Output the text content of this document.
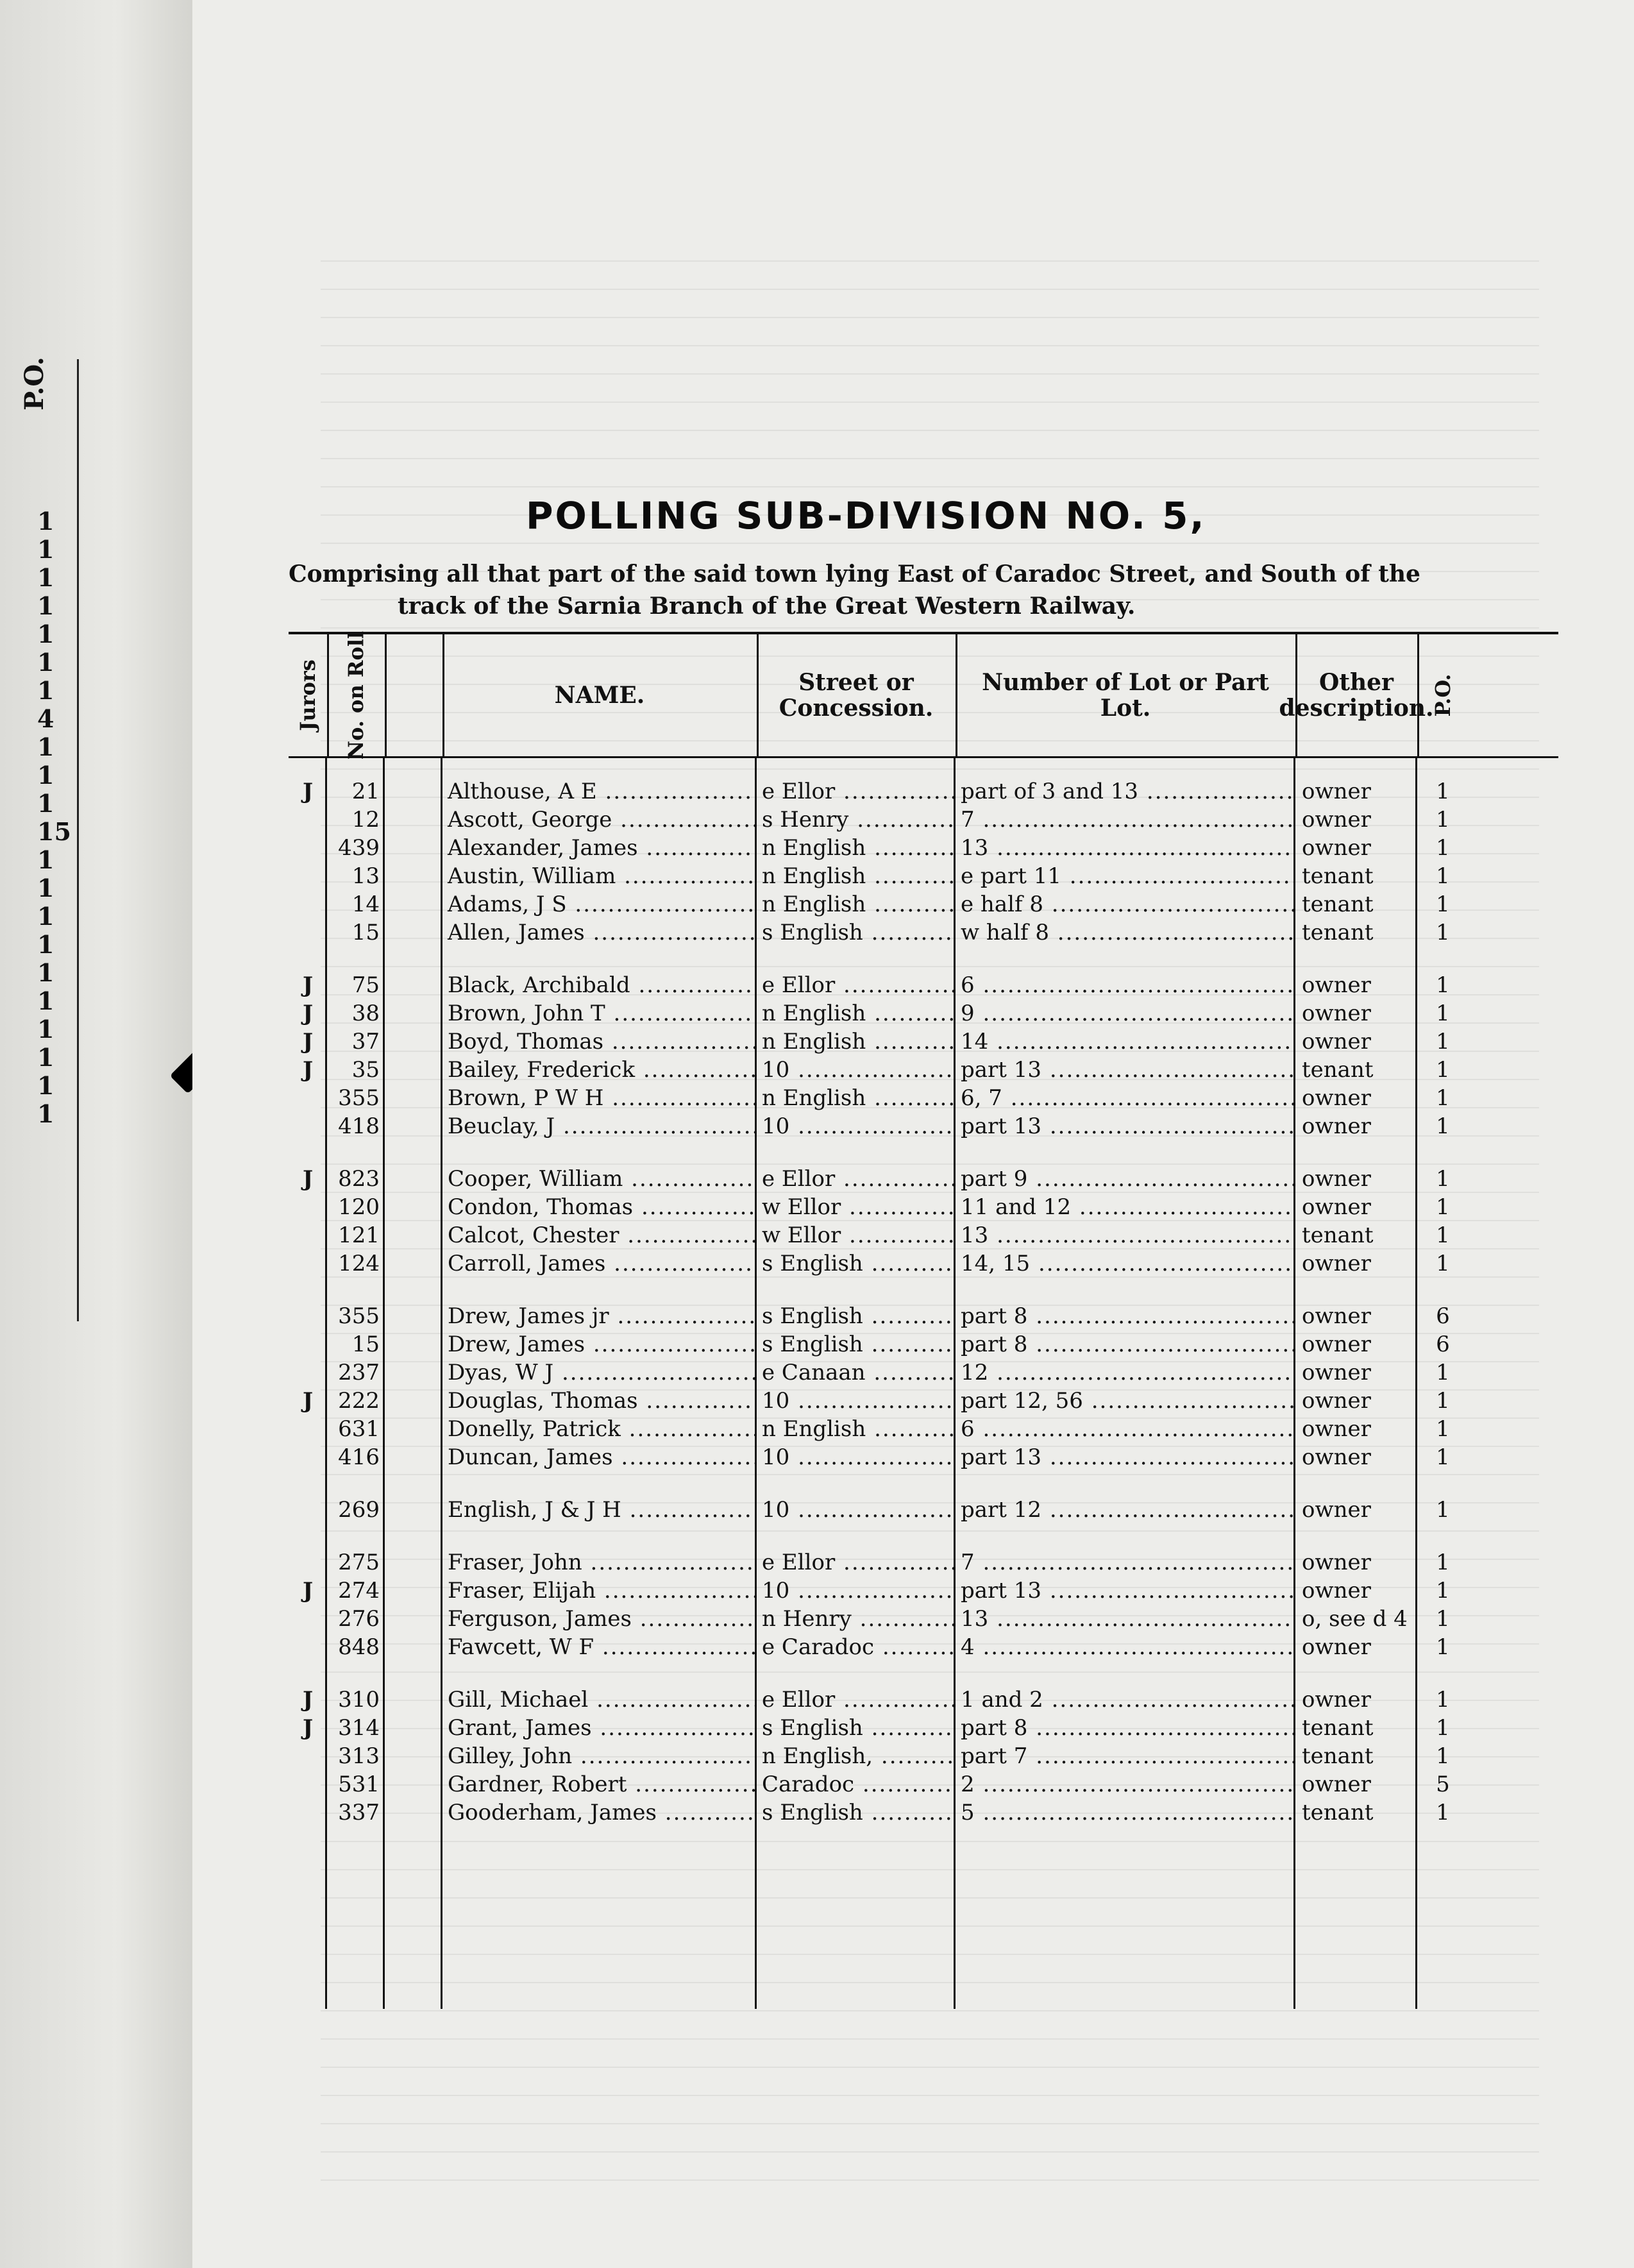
P.O.
1
1
1
1
1
1
1
4
1
1
1
15
1
1
1
1
1
1
1
1
1
1
POLLING SUB-DIVISION NO. 5,
Comprising all that part of the said town lying East of Caradoc Street, and South of the
track of the Sarnia Branch of the Great Western Railway.
Jurors No. on Roll	NAME.	Street or Concession.
Number of Lot or Part Lot.
Other description.
P.O.
J	21	Althouse, A E .....	e Ellor .....	part of 3 and 13 .....	owner	1
12	Ascott, George .....	s Henry .....	7 .....	owner	1
439	Alexander, James .....	n English .....	13 .....	owner	1
13	Austin, William .....	n English .....	e part 11 .....	tenant	1
14	Adams, J S .....	n English .....	e half 8 .....	tenant	1
15	Allen, James .....	s English .....	w half 8 .....	tenant	1
J	75	Black, Archibald .....	e Ellor .....	6 .....	owner	1
J	38	Brown, John T .....	n English .....	9 .....	owner	1
J	37	Boyd, Thomas .....	n English .....	14 .....	owner	1
J	35	Bailey, Frederick .....	10 .....	part 13 .....	tenant	1
355	Brown, P W H .....	n English .....	6, 7 .....	owner	1
418	Beuclay, J .....	10 .....	part 13 .....	owner	1
J	823	Cooper, William .....	e Ellor .....	part 9 .....	owner	1
120	Condon, Thomas .....	w Ellor .....	11 and 12 .....	owner	1
121	Calcot, Chester .....	w Ellor .....	13 .....	tenant	1
124	Carroll, James .....	s English .....	14, 15 .....	owner	1
355	Drew, James jr .....	s English .....	part 8 .....	owner	6
15	Drew, James .....	s English .....	part 8 .....	owner	6
237	Dyas, W J .....	e Canaan .....	12 .....	owner	1
J	222	Douglas, Thomas .....	10 .....	part 12, 56 .....	owner	1
631	Donelly, Patrick .....	n English .....	6 .....	owner	1
416	Duncan, James .....	10 .....	part 13 .....	owner	1
269	English, J & J H .....	10 .....	part 12 .....	owner	1
275	Fraser, John .....	e Ellor .....	7 .....	owner	1
J	274	Fraser, Elijah .....	10 .....	part 13 .....	owner	1
276	Ferguson, James .....	n Henry .....	13 .....	o, see d 4	1
848	Fawcett, W F .....	e Caradoc .....	4 .....	owner	1
J	310	Gill, Michael .....	e Ellor .....	1 and 2 .....	owner	1
J	314	Grant, James .....	s English .....	part 8 .....	tenant	1
313	Gilley, John .....	n English, .....	part 7 .....	tenant	1
531	Gardner, Robert .....	Caradoc .....	2 .....	owner	5
337	Gooderham, James .....	s English .....	5 .....	tenant	1
